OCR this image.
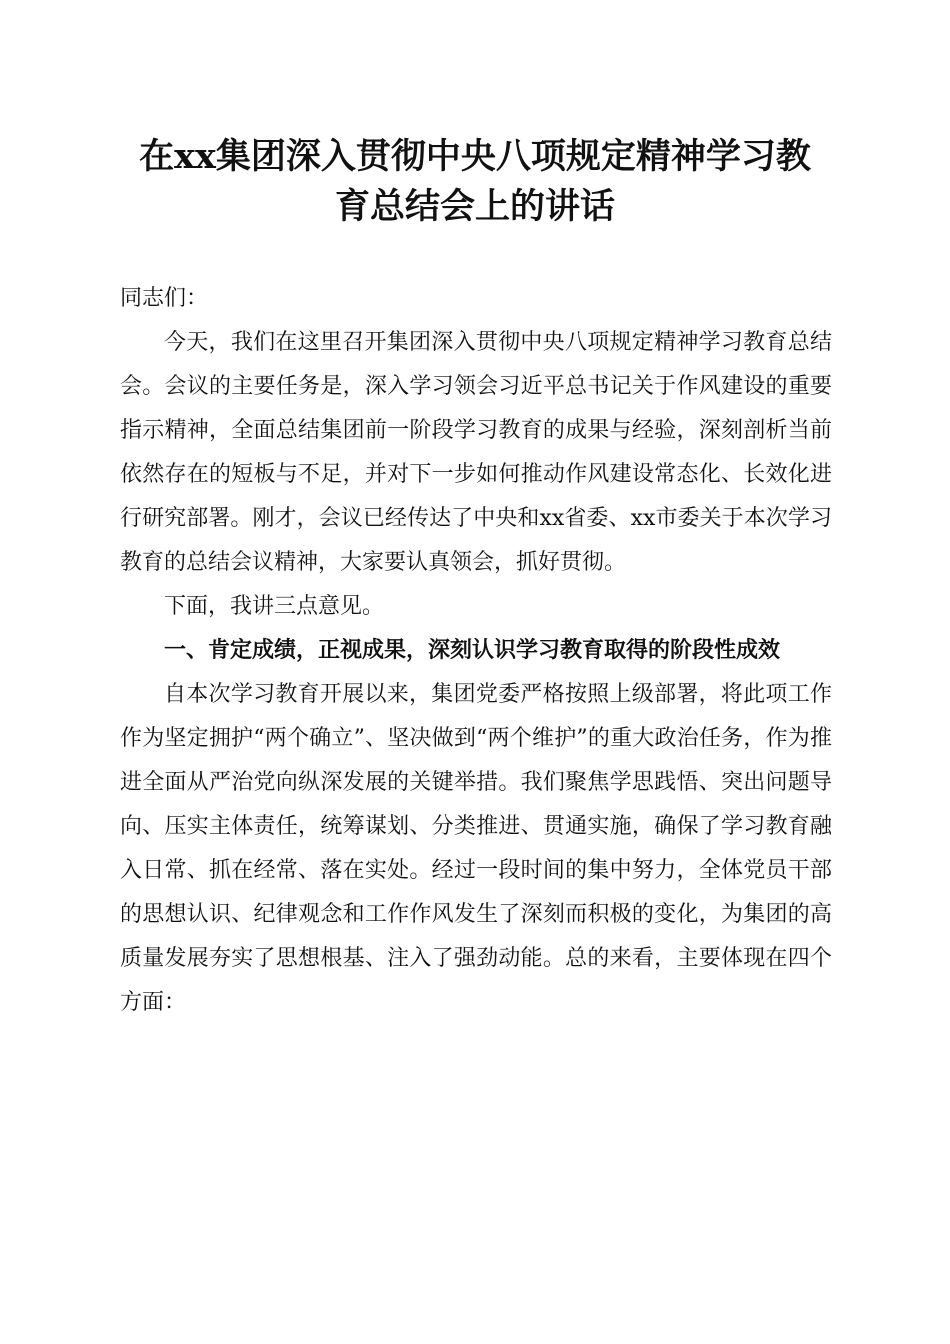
在xx集团深入贯彻中央八项规定精神学习教
育总结会上的讲话

同志们：

今天，我们在这里召开集团深入贯彻中央八项规定精神学习教育总结会。会议的主要任务是，深入学习领会习近平总书记关于作风建设的重要指示精神，全面总结集团前一阶段学习教育的成果与经验，深刻剖析当前依然存在的短板与不足，并对下一步如何推动作风建设常态化、长效化进行研究部署。刚才，会议已经传达了中央和xx省委、xx市委关于本次学习教育的总结会议精神，大家要认真领会，抓好贯彻。

下面，我讲三点意见。

一、肯定成绩，正视成果，深刻认识学习教育取得的阶段性成效

自本次学习教育开展以来，集团党委严格按照上级部署，将此项工作作为坚定拥护“两个确立”、坚决做到“两个维护”的重大政治任务，作为推进全面从严治党向纵深发展的关键举措。我们聚焦学思践悟、突出问题导向、压实主体责任，统筹谋划、分类推进、贯通实施，确保了学习教育融入日常、抓在经常、落在实处。经过一段时间的集中努力，全体党员干部的思想认识、纪律观念和工作作风发生了深刻而积极的变化，为集团的高质量发展夯实了思想根基、注入了强劲动能。总的来看，主要体现在四个方面：
